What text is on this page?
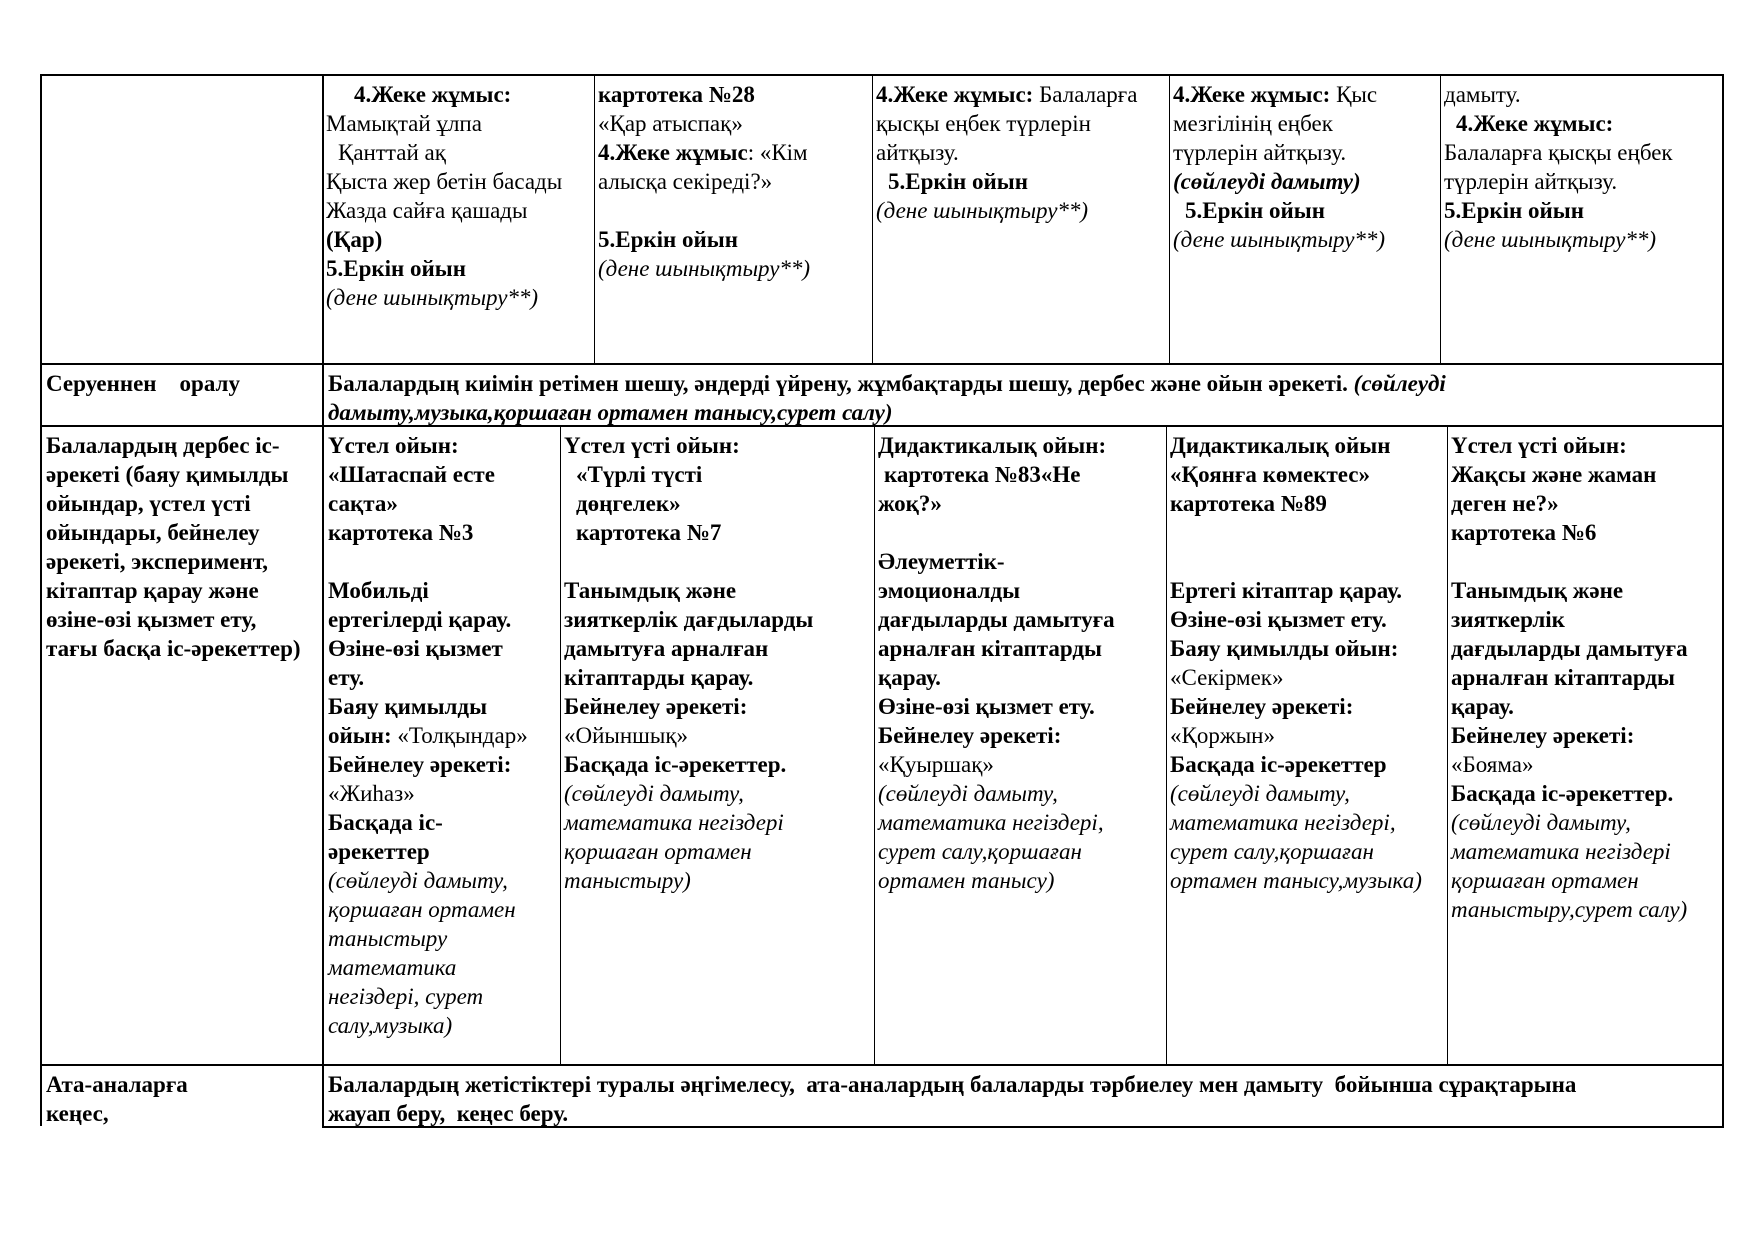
4.Жеке жұмыс:

Мамықтай ұлпа

Қанттай ақ

Қыста жер бетін басады

Жазда сайға қашады

(Қар)

5.Еркін ойын

(дене шынықтыру**)

картотека №28

«Қар атыспақ»

4.Жеке жұмыс: «Кім

алысқа секіреді?»

5.Еркін ойын

(дене шынықтыру**)

4.Жеке жұмыс: Балаларға

қысқы еңбек түрлерін

айтқызу.

5.Еркін ойын

(дене шынықтыру**)

4.Жеке жұмыс: Қыс

мезгілінің еңбек

түрлерін айтқызу.

(сөйлеуді дамыту)

5.Еркін ойын

(дене шынықтыру**)

дамыту.

4.Жеке жұмыс:

Балаларға қысқы еңбек

түрлерін айтқызу.

5.Еркін ойын

(дене шынықтыру**)

Серуеннен    оралу	Балалардың киімін ретімен шешу, әндерді үйрену, жұмбақтарды шешу, дербес және ойын әрекеті. (сөйлеуді

дамыту,музыка,қоршаған ортамен танысу,сурет салу)

Балалардың дербес іс-

әрекеті (баяу қимылды

ойындар, үстел үсті

ойындары, бейнелеу

әрекеті, эксперимент,

кітаптар қарау және

өзіне-өзі қызмет ету,

тағы басқа іс-әрекеттер)

Үстел ойын:

«Шатаспай есте

сақта»

картотека №3

Мобильді

ертегілерді қарау.

Өзіне-өзі қызмет

ету.

Баяу қимылды

ойын: «Толқындар»

Бейнелеу әрекеті:

«Жиhаз»

Басқада іс-

әрекеттер

(сөйлеуді дамыту,

қоршаған ортамен

таныстыру

математика

негіздері, сурет

салу,музыка)

Үстел үсті ойын:

«Түрлі түсті

дөңгелек»

картотека №7

Танымдық және

зияткерлік дағдыларды

дамытуға арналған

кітаптарды қарау.

Бейнелеу әрекеті:

«Ойыншық»

Басқада іс-әрекеттер.

(сөйлеуді дамыту,

математика негіздері

қоршаған ортамен

таныстыру)

Дидактикалық ойын:

картотека №83«Не

жоқ?»

Әлеуметтік-

эмоционалды

дағдыларды дамытуға

арналған кітаптарды

қарау.

Өзіне-өзі қызмет ету.

Бейнелеу әрекеті:

«Қуыршақ»

(сөйлеуді дамыту,

математика негіздері,

сурет салу,қоршаған

ортамен танысу)

Дидактикалық ойын

«Қоянға көмектес»

картотека №89

Ертегі кітаптар қарау.

Өзіне-өзі қызмет ету.

Баяу қимылды ойын:

«Секірмек»

Бейнелеу әрекеті:

«Қоржын»

Басқада іс-әрекеттер

(сөйлеуді дамыту,

математика негіздері,

сурет салу,қоршаған

ортамен танысу,музыка)

Үстел үсті ойын:

Жақсы және жаман

деген не?»

картотека №6

Танымдық және

зияткерлік

дағдыларды дамытуға

арналған кітаптарды

қарау.

Бейнелеу әрекеті:

«Бояма»

Басқада іс-әрекеттер.

(сөйлеуді дамыту,

математика негіздері

қоршаған ортамен

таныстыру,сурет салу)

Ата-аналарға

кеңес,

Балалардың жетістіктері туралы әңгімелесу,  ата-аналардың балаларды тәрбиелеу мен дамыту  бойынша сұрақтарына

жауап беру,  кеңес беру.
